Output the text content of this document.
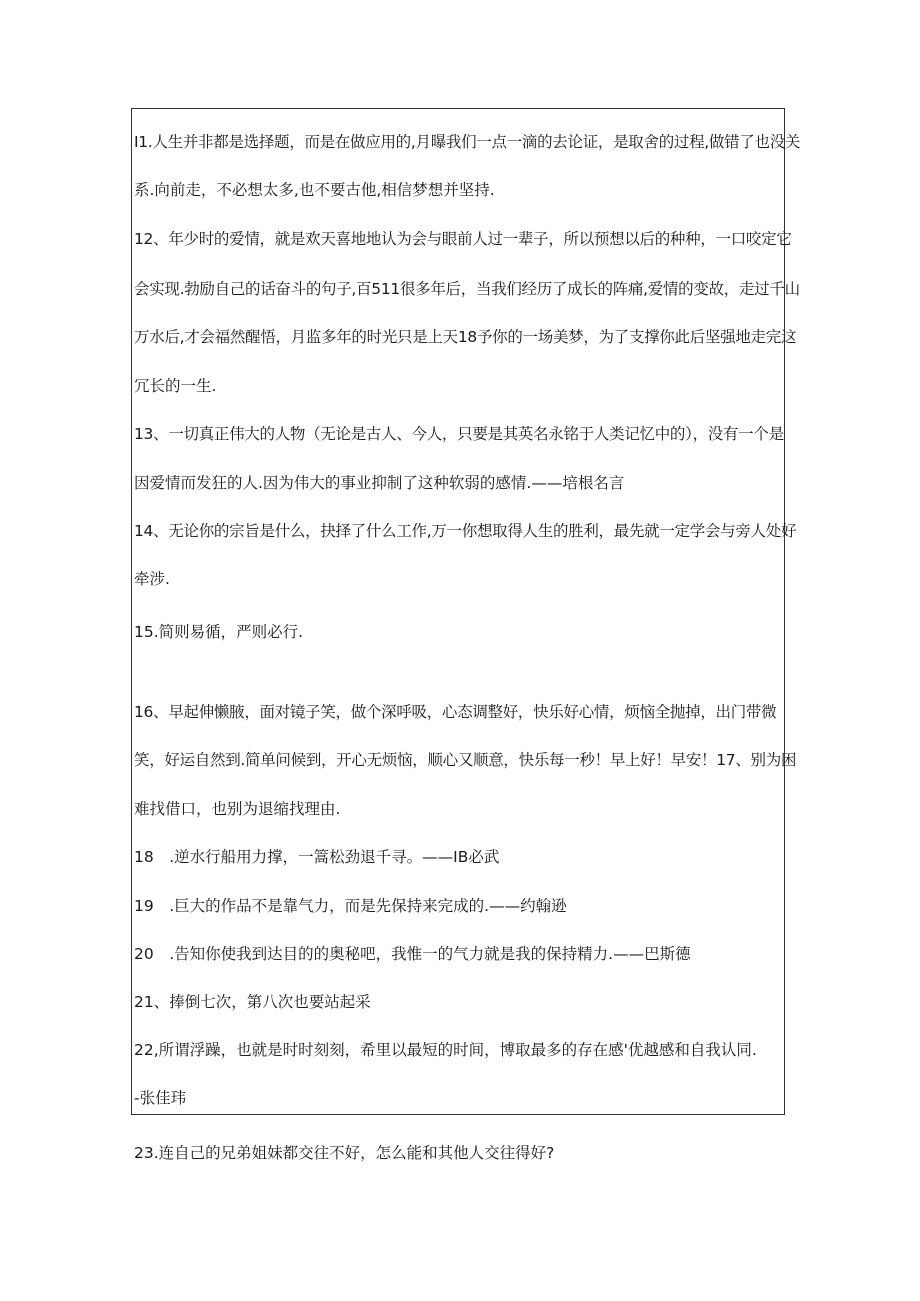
I1.人生并非都是选择题，而是在做应用的,月曝我们一点一滴的去论证，是取舍的过程,做错了也没关
系.向前走，不必想太多,也不要古他,相信梦想并坚持.
12、年少时的爱情，就是欢天喜地地认为会与眼前人过一辈子，所以预想以后的种种，一口咬定它
会实现.勃励自己的话奋斗的句子,百511很多年后，当我们经历了成长的阵痛,爱情的变故，走过千山
万水后,才会福然醒悟，月监多年的时光只是上天18予你的一场美梦，为了支撑你此后坚强地走完这
冗长的一生.
13、一切真正伟大的人物（无论是古人、今人，只要是其英名永铭于人类记忆中的），没有一个是
因爱情而发狂的人.因为伟大的事业抑制了这种软弱的感情.——培根名言
14、无论你的宗旨是什么，抉择了什么工作,万一你想取得人生的胜利，最先就一定学会与旁人处好
牵涉.
15.简则易循，严则必行.
16、早起伸懒腋，面对镜子笑，做个深呼吸，心态调整好，快乐好心情，烦恼全抛掉，出门带微
笑，好运自然到.简单问候到，开心无烦恼，顺心又顺意，快乐每一秒！早上好！早安！17、别为困
难找借口，也别为退缩找理由.
18　.逆水行船用力撑，一篙松劲退千寻。——IB必武
19　.巨大的作品不是靠气力，而是先保持来完成的.——约翰逊
20　.告知你使我到达目的的奥秘吧，我惟一的气力就是我的保持精力.——巴斯德
21、捧倒七次，第八次也要站起采
22,所谓浮躁，也就是时时刻刻，希里以最短的时间，博取最多的存在感'优越感和自我认同.
-张佳玮
23.连自己的兄弟姐妹都交往不好，怎么能和其他人交往得好?
